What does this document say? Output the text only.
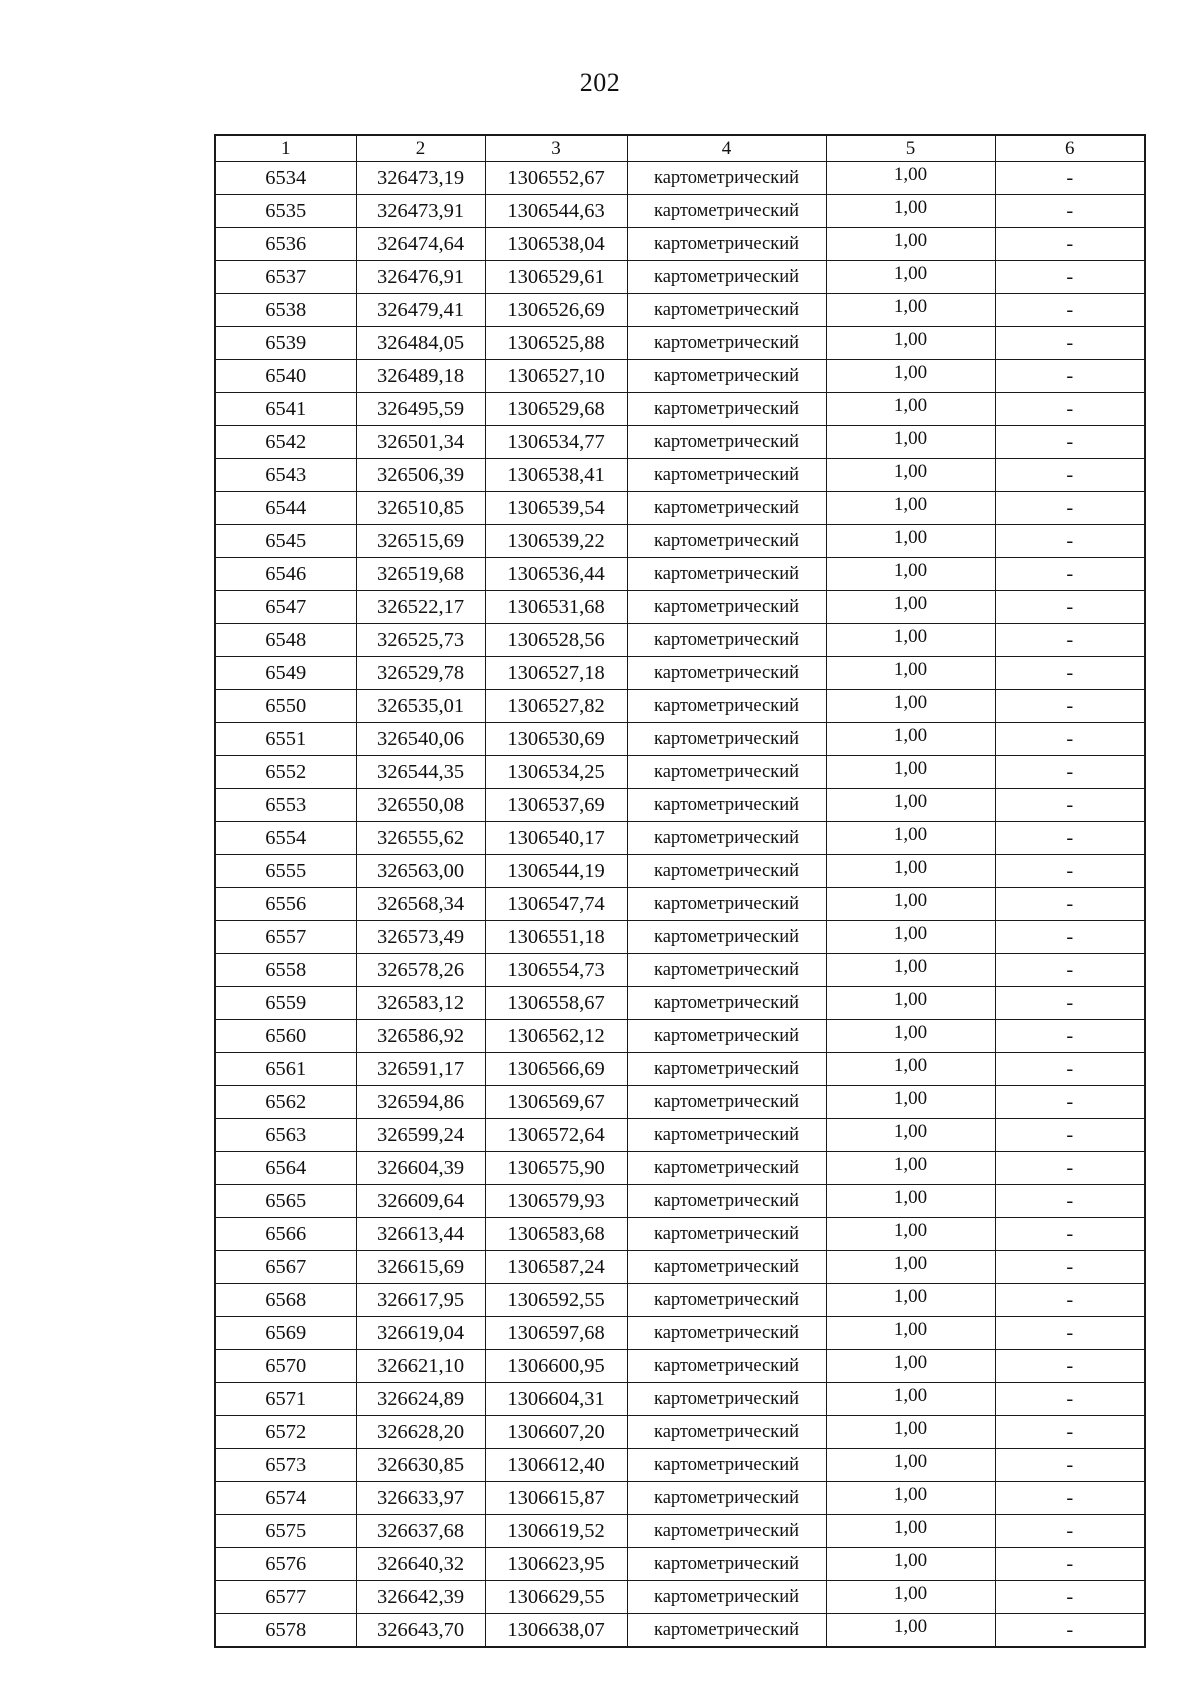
202
1	2	3	4	5	6
6534	326473,19	1306552,67	картометрический	1,00	-
6535	326473,91	1306544,63	картометрический	1,00	-
6536	326474,64	1306538,04	картометрический	1,00	-
6537	326476,91	1306529,61	картометрический	1,00	-
6538	326479,41	1306526,69	картометрический	1,00	-
6539	326484,05	1306525,88	картометрический	1,00	-
6540	326489,18	1306527,10	картометрический	1,00	-
6541	326495,59	1306529,68	картометрический	1,00	-
6542	326501,34	1306534,77	картометрический	1,00	-
6543	326506,39	1306538,41	картометрический	1,00	-
6544	326510,85	1306539,54	картометрический	1,00	-
6545	326515,69	1306539,22	картометрический	1,00	-
6546	326519,68	1306536,44	картометрический	1,00	-
6547	326522,17	1306531,68	картометрический	1,00	-
6548	326525,73	1306528,56	картометрический	1,00	-
6549	326529,78	1306527,18	картометрический	1,00	-
6550	326535,01	1306527,82	картометрический	1,00	-
6551	326540,06	1306530,69	картометрический	1,00	-
6552	326544,35	1306534,25	картометрический	1,00	-
6553	326550,08	1306537,69	картометрический	1,00	-
6554	326555,62	1306540,17	картометрический	1,00	-
6555	326563,00	1306544,19	картометрический	1,00	-
6556	326568,34	1306547,74	картометрический	1,00	-
6557	326573,49	1306551,18	картометрический	1,00	-
6558	326578,26	1306554,73	картометрический	1,00	-
6559	326583,12	1306558,67	картометрический	1,00	-
6560	326586,92	1306562,12	картометрический	1,00	-
6561	326591,17	1306566,69	картометрический	1,00	-
6562	326594,86	1306569,67	картометрический	1,00	-
6563	326599,24	1306572,64	картометрический	1,00	-
6564	326604,39	1306575,90	картометрический	1,00	-
6565	326609,64	1306579,93	картометрический	1,00	-
6566	326613,44	1306583,68	картометрический	1,00	-
6567	326615,69	1306587,24	картометрический	1,00	-
6568	326617,95	1306592,55	картометрический	1,00	-
6569	326619,04	1306597,68	картометрический	1,00	-
6570	326621,10	1306600,95	картометрический	1,00	-
6571	326624,89	1306604,31	картометрический	1,00	-
6572	326628,20	1306607,20	картометрический	1,00	-
6573	326630,85	1306612,40	картометрический	1,00	-
6574	326633,97	1306615,87	картометрический	1,00	-
6575	326637,68	1306619,52	картометрический	1,00	-
6576	326640,32	1306623,95	картометрический	1,00	-
6577	326642,39	1306629,55	картометрический	1,00	-
6578	326643,70	1306638,07	картометрический	1,00	-
